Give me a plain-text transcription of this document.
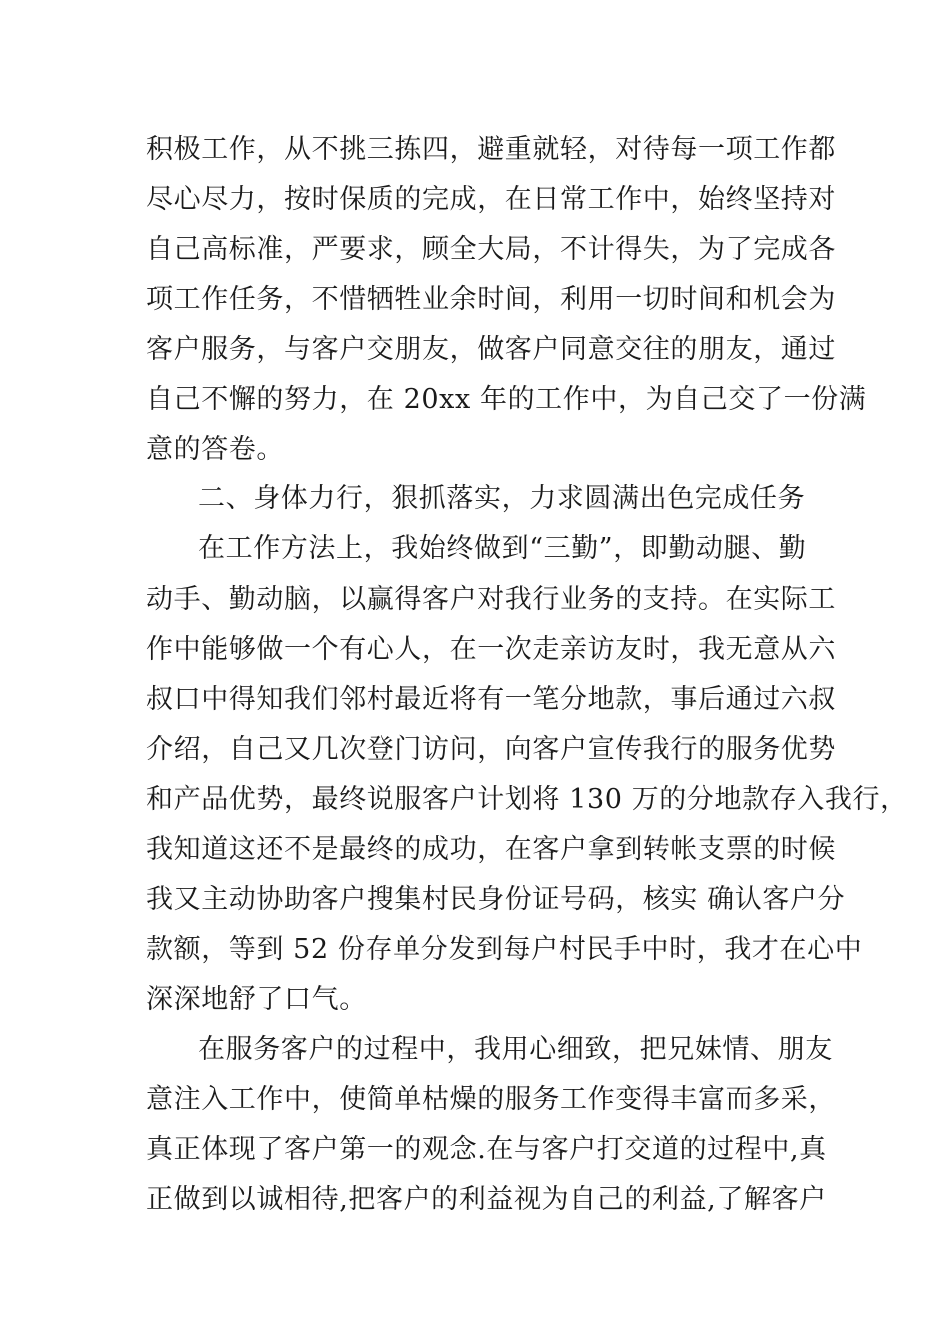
积极工作，从不挑三拣四，避重就轻，对待每一项工作都
尽心尽力，按时保质的完成，在日常工作中，始终坚持对
自己高标准，严要求，顾全大局，不计得失，为了完成各
项工作任务，不惜牺牲业余时间，利用一切时间和机会为
客户服务，与客户交朋友，做客户同意交往的朋友，通过
自己不懈的努力，在 20xx 年的工作中，为自己交了一份满
意的答卷。
二、身体力行，狠抓落实，力求圆满出色完成任务
在工作方法上，我始终做到“三勤”，即勤动腿、勤
动手、勤动脑，以赢得客户对我行业务的支持。在实际工
作中能够做一个有心人，在一次走亲访友时，我无意从六
叔口中得知我们邻村最近将有一笔分地款，事后通过六叔
介绍，自己又几次登门访问，向客户宣传我行的服务优势
和产品优势，最终说服客户计划将 130 万的分地款存入我行，
我知道这还不是最终的成功，在客户拿到转帐支票的时候
我又主动协助客户搜集村民身份证号码，核实 确认客户分
款额，等到 52 份存单分发到每户村民手中时，我才在心中
深深地舒了口气。
在服务客户的过程中，我用心细致，把兄妹情、朋友
意注入工作中，使简单枯燥的服务工作变得丰富而多采，
真正体现了客户第一的观念.在与客户打交道的过程中,真
正做到以诚相待,把客户的利益视为自己的利益,了解客户
